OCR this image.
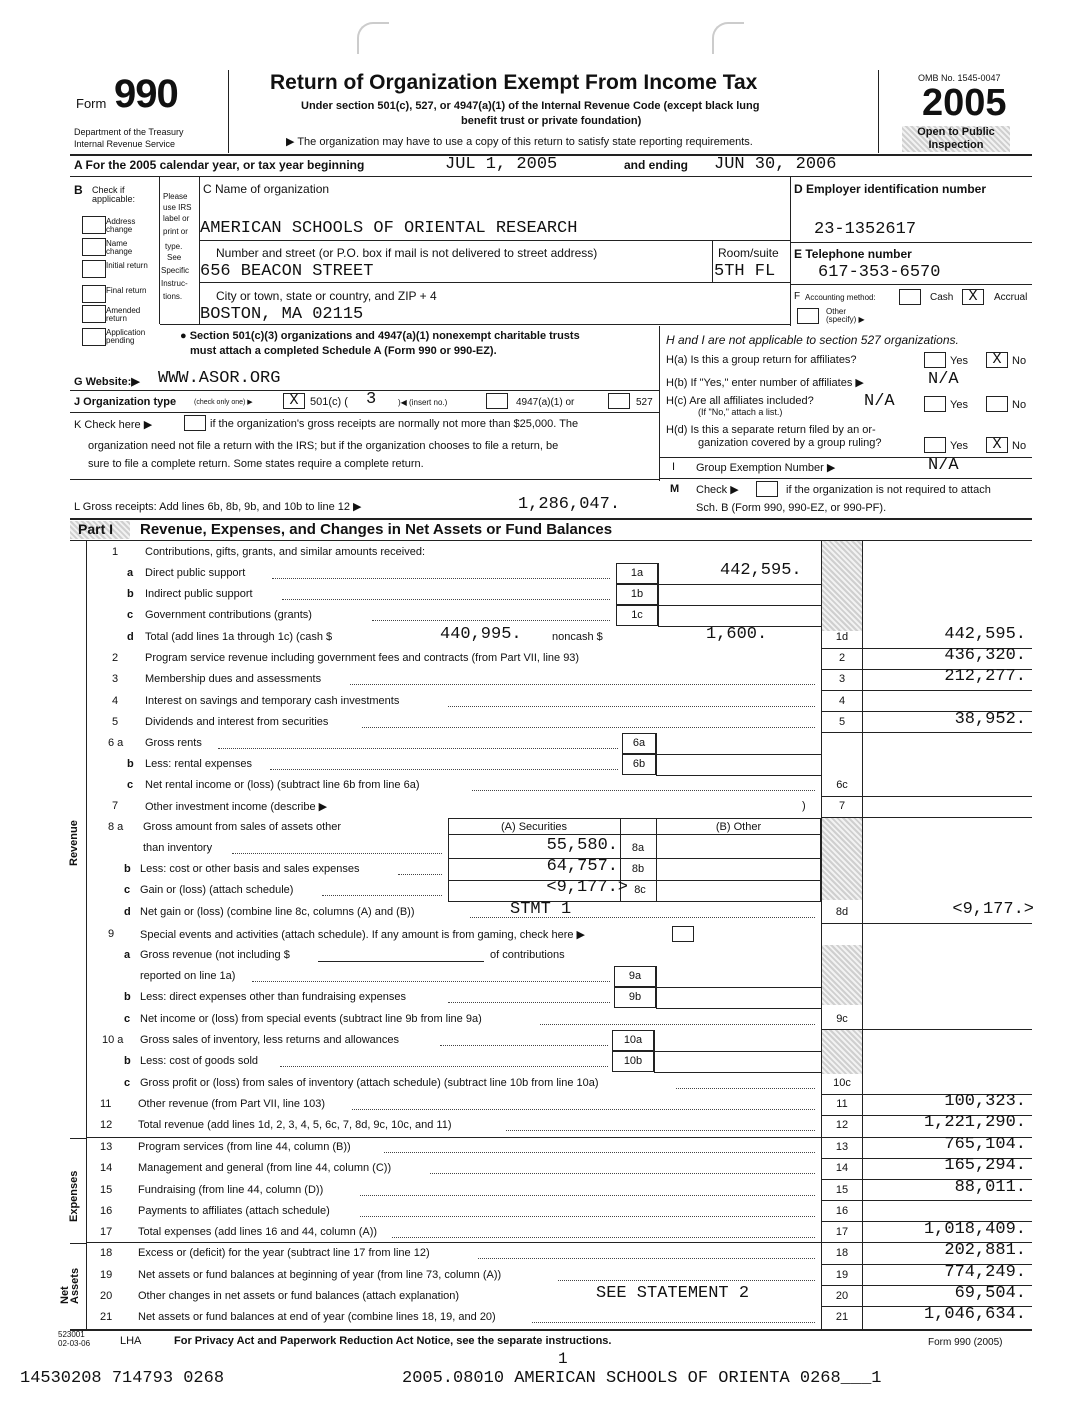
Form 990
Department of the Treasury
Internal Revenue Service
Return of Organization Exempt From Income Tax
Under section 501(c), 527, or 4947(a)(1) of the Internal Revenue Code (except black lung
benefit trust or private foundation)
▶ The organization may have to use a copy of this return to satisfy state reporting requirements.
OMB No. 1545-0047
2005
Open to Public
Inspection
A For the 2005 calendar year, or tax year beginning	JUL 1, 2005	and ending JUN 30, 2006
B Check if
applicable:
Address change
Name change
Initial return
Final return
Amended return
Application pending
Please
use IRS
label or
print or
type.
See
Specific
Instruc-
tions.
C Name of organization
AMERICAN SCHOOLS OF ORIENTAL RESEARCH
Number and street (or P.O. box if mail is not delivered to street address)
656 BEACON STREET
Room/suite
5TH FL
City or town, state or country, and ZIP + 4
BOSTON, MA 02115
D Employer identification number
23-1352617
E Telephone number
617-353-6570
F Accounting method:	Cash	X	Accrual
Other
(specify) ▶
● Section 501(c)(3) organizations and 4947(a)(1) nonexempt charitable trusts
must attach a completed Schedule A (Form 990 or 990-EZ).
H and I are not applicable to section 527 organizations.
H(a) Is this a group return for affiliates?	Yes	X No
H(b) If "Yes," enter number of affiliates ▶	N/A
H(c) Are all affiliates included?
(If "No," attach a list.)
N/A	Yes	No
H(d) Is this a separate return filed by an or-
ganization covered by a group ruling?	Yes	X No
I Group Exemption Number ▶	N/A
M Check ▶	if the organization is not required to attach
Sch. B (Form 990, 990-EZ, or 990-PF).
G Website:▶ WWW.ASOR.ORG
J Organization type	(check only one) ▶	X	501(c) ( 3	)◀ (insert no.)	4947(a)(1) or	527
K Check here ▶	if the organization's gross receipts are normally not more than $25,000. The
organization need not file a return with the IRS; but if the organization chooses to file a return, be
sure to file a complete return. Some states require a complete return.
L Gross receipts: Add lines 6b, 8b, 9b, and 10b to line 12 ▶	1,286,047.
Part I Revenue, Expenses, and Changes in Net Assets or Fund Balances
Revenue
Expenses
Net Assets
1 Contributions, gifts, grants, and similar amounts received:
a Direct public support	1a	442,595.
b Indirect public support	1b
c Government contributions (grants)	1c
d Total (add lines 1a through 1c) (cash $	440,995.	noncash $	1,600.	1d	442,595.
2 Program service revenue including government fees and contracts (from Part VII, line 93)	2	436,320.
3 Membership dues and assessments	3	212,277.
4 Interest on savings and temporary cash investments	4
5 Dividends and interest from securities	5	38,952.
6 a Gross rents	6a
b Less: rental expenses	6b
c Net rental income or (loss) (subtract line 6b from line 6a)	6c
7 Other investment income (describe ▶	)	7
8 a Gross amount from sales of assets other	(A) Securities	(B) Other
than inventory	55,580.	8a
b Less: cost or other basis and sales expenses	64,757.	8b
c Gain or (loss) (attach schedule)	<9,177.> 8c
d Net gain or (loss) (combine line 8c, columns (A) and (B))	STMT 1	8d	<9,177.>
9 Special events and activities (attach schedule). If any amount is from gaming, check here ▶
a Gross revenue (not including $	of contributions
reported on line 1a)	9a
b Less: direct expenses other than fundraising expenses	9b
c Net income or (loss) from special events (subtract line 9b from line 9a)	9c
10 a Gross sales of inventory, less returns and allowances	10a
b Less: cost of goods sold	10b
c Gross profit or (loss) from sales of inventory (attach schedule) (subtract line 10b from line 10a)	10c
11 Other revenue (from Part VII, line 103)	11	100,323.
12 Total revenue (add lines 1d, 2, 3, 4, 5, 6c, 7, 8d, 9c, 10c, and 11)	12	1,221,290.
13 Program services (from line 44, column (B))	13	765,104.
14 Management and general (from line 44, column (C))	14	165,294.
15 Fundraising (from line 44, column (D))	15	88,011.
16 Payments to affiliates (attach schedule)	16
17 Total expenses (add lines 16 and 44, column (A))	17	1,018,409.
18 Excess or (deficit) for the year (subtract line 17 from line 12)	18	202,881.
19 Net assets or fund balances at beginning of year (from line 73, column (A))	19	774,249.
20 Other changes in net assets or fund balances (attach explanation)	SEE STATEMENT 2	20	69,504.
21 Net assets or fund balances at end of year (combine lines 18, 19, and 20)	21	1,046,634.
523001
02-03-06	LHA	For Privacy Act and Paperwork Reduction Act Notice, see the separate instructions.	Form 990 (2005)
1
14530208 714793 0268	2005.08010 AMERICAN SCHOOLS OF ORIENTA 0268___1
